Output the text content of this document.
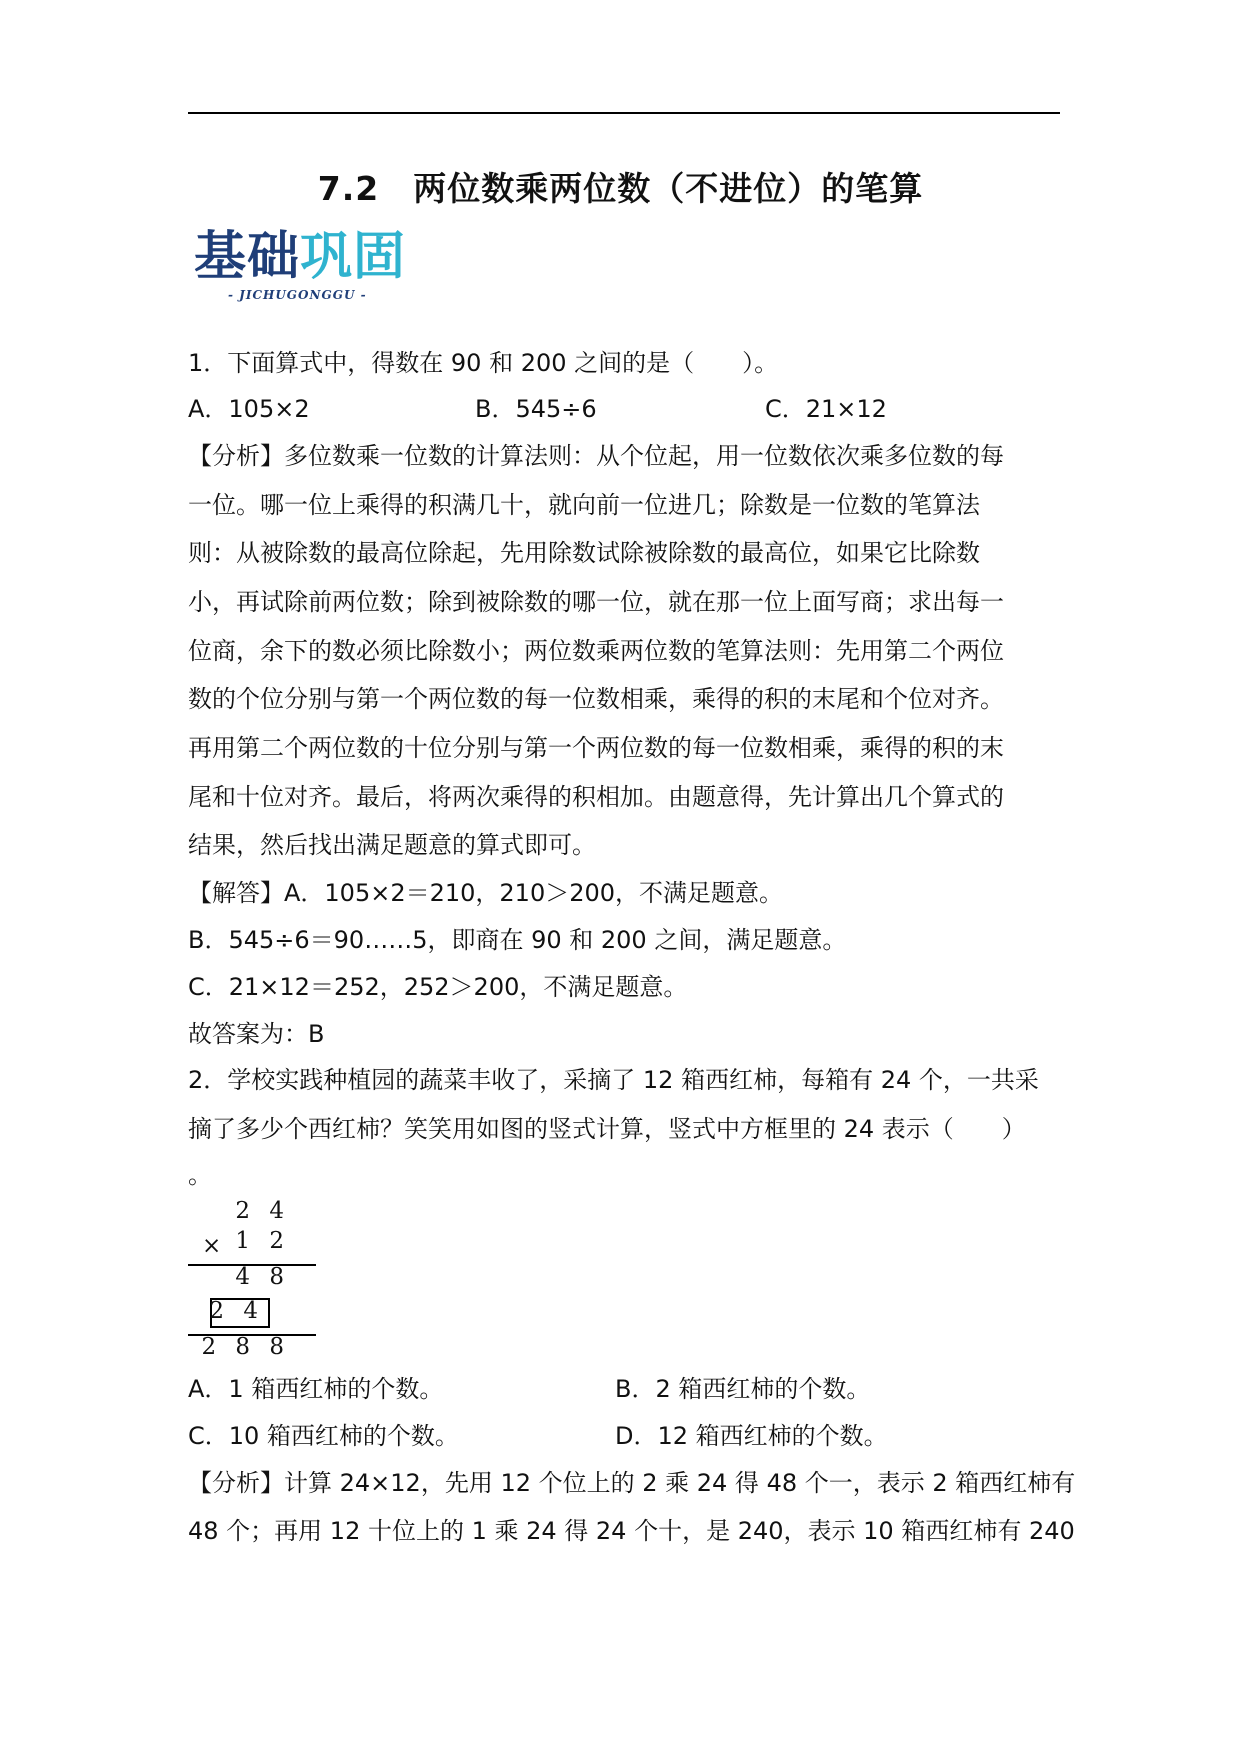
7.2　两位数乘两位数（不进位）的笔算
基础巩固
- JICHUGONGGU -
1．下面算式中，得数在 90 和 200 之间的是（　　）。
A．105×2	B．545÷6	C．21×12
【分析】多位数乘一位数的计算法则：从个位起，用一位数依次乘多位数的每
一位。哪一位上乘得的积满几十，就向前一位进几；除数是一位数的笔算法
则：从被除数的最高位除起，先用除数试除被除数的最高位，如果它比除数
小，再试除前两位数；除到被除数的哪一位，就在那一位上面写商；求出每一
位商，余下的数必须比除数小；两位数乘两位数的笔算法则：先用第二个两位
数的个位分别与第一个两位数的每一位数相乘，乘得的积的末尾和个位对齐。
再用第二个两位数的十位分别与第一个两位数的每一位数相乘，乘得的积的末
尾和十位对齐。最后，将两次乘得的积相加。由题意得，先计算出几个算式的
结果，然后找出满足题意的算式即可。
【解答】A．105×2＝210，210＞200，不满足题意。
B．545÷6＝90……5，即商在 90 和 200 之间，满足题意。
C．21×12＝252，252＞200，不满足题意。
故答案为：B
2．学校实践种植园的蔬菜丰收了，采摘了 12 箱西红柿，每箱有 24 个，一共采
摘了多少个西红柿？笑笑用如图的竖式计算，竖式中方框里的 24 表示（　　）
。
2 4
× 1 2
4 8
2 4
2 8 8
A．1 箱西红柿的个数。	B．2 箱西红柿的个数。
C．10 箱西红柿的个数。	D．12 箱西红柿的个数。
【分析】计算 24×12，先用 12 个位上的 2 乘 24 得 48 个一，表示 2 箱西红柿有
48 个；再用 12 十位上的 1 乘 24 得 24 个十，是 240，表示 10 箱西红柿有 240
